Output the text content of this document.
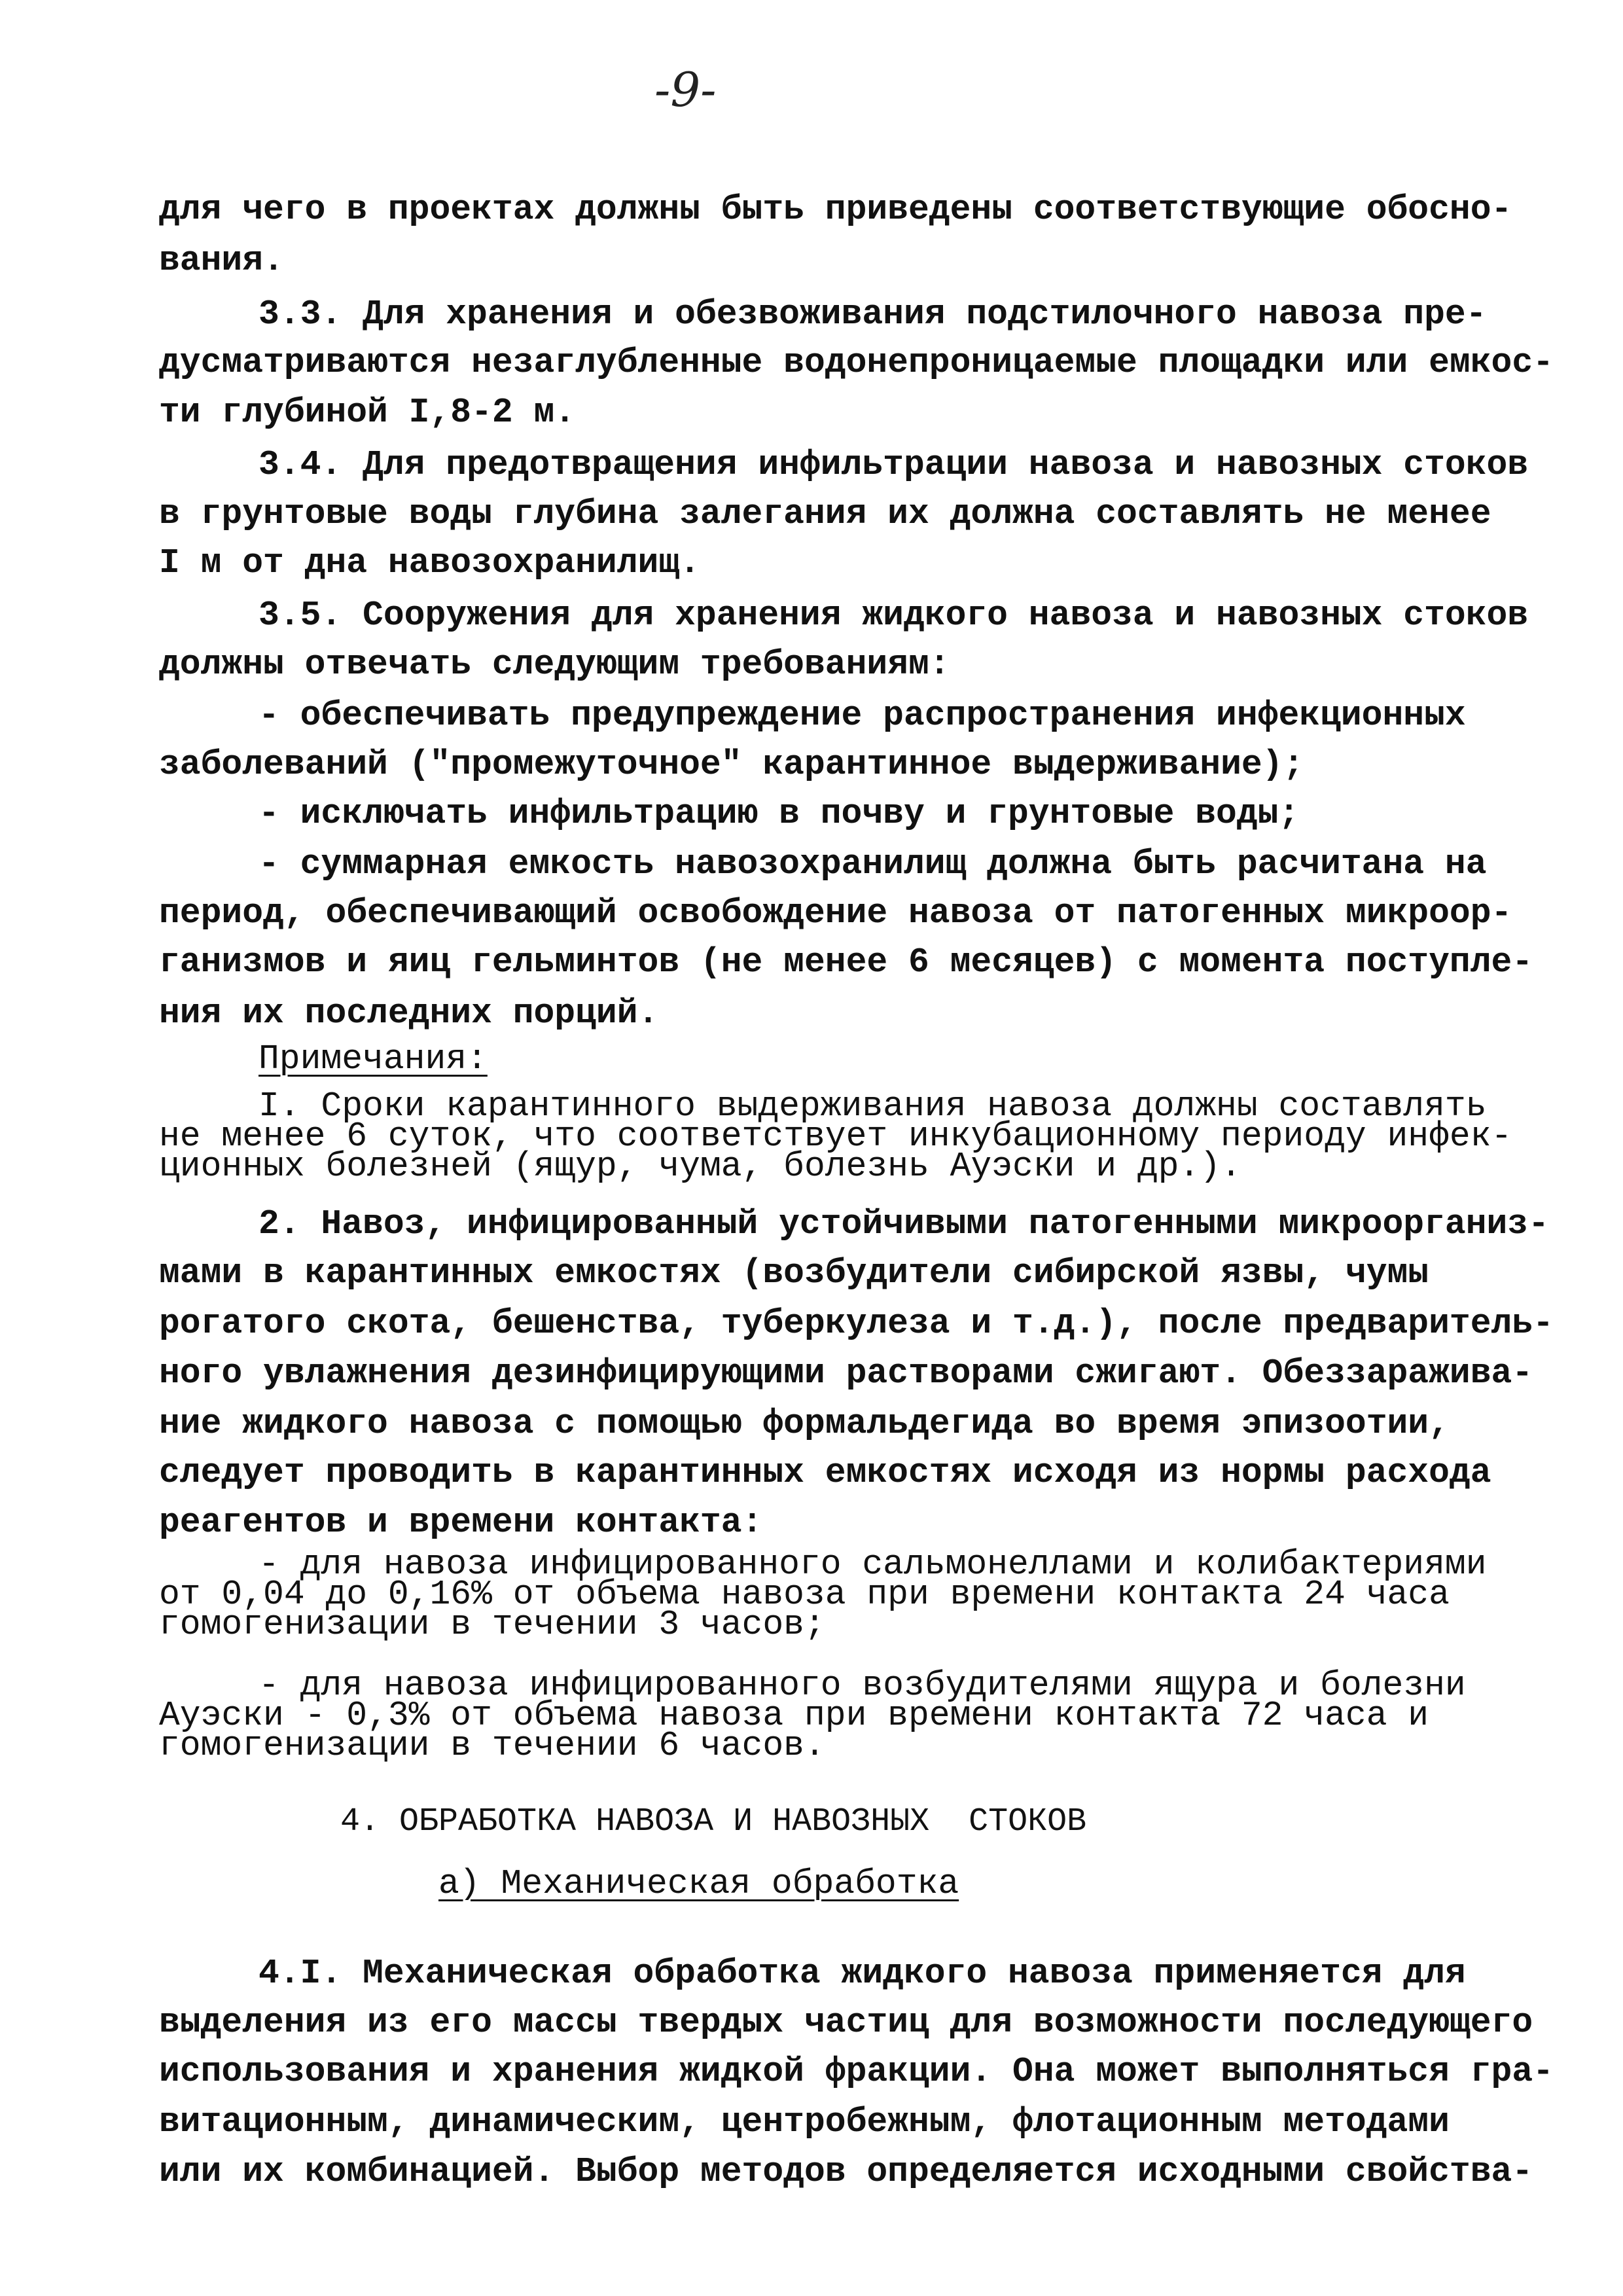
-9-
для чего в проектах должны быть приведены соответствующие обосно-
вания.
3.3. Для хранения и обезвоживания подстилочного навоза пре-
дусматриваются незаглубленные водонепроницаемые площадки или емкос-
ти глубиной I,8-2 м.
3.4. Для предотвращения инфильтрации навоза и навозных стоков
в грунтовые воды глубина залегания их должна составлять не менее
I м от дна навозохранилищ.
3.5. Сооружения для хранения жидкого навоза и навозных стоков
должны отвечать следующим требованиям:
- обеспечивать предупреждение распространения инфекционных
заболеваний ("промежуточное" карантинное выдерживание);
- исключать инфильтрацию в почву и грунтовые воды;
- суммарная емкость навозохранилищ должна быть расчитана на
период, обеспечивающий освобождение навоза от патогенных микроор-
ганизмов и яиц гельминтов (не менее 6 месяцев) с момента поступле-
ния их последних порций.
Примечания:
I. Сроки карантинного выдерживания навоза должны составлять
не менее 6 суток, что соответствует инкубационному периоду инфек-
ционных болезней (ящур, чума, болезнь Ауэски и др.).
2. Навоз, инфицированный устойчивыми патогенными микроорганиз-
мами в карантинных емкостях (возбудители сибирской язвы, чумы
рогатого скота, бешенства, туберкулеза и т.д.), после предваритель-
ного увлажнения дезинфицирующими растворами сжигают. Обеззаражива-
ние жидкого навоза с помощью формальдегида во время эпизоотии,
следует проводить в карантинных емкостях исходя из нормы расхода
реагентов и времени контакта:
- для навоза инфицированного сальмонеллами и колибактериями
от 0,04 до 0,16% от объема навоза при времени контакта 24 часа
гомогенизации в течении 3 часов;
- для навоза инфицированного возбудителями ящура и болезни
Ауэски - 0,3% от объема навоза при времени контакта 72 часа и
гомогенизации в течении 6 часов.
4. ОБРАБОТКА НАВОЗА И НАВОЗНЫХ  СТОКОВ
а) Механическая обработка
4.I. Механическая обработка жидкого навоза применяется для
выделения из его массы твердых частиц для возможности последующего
использования и хранения жидкой фракции. Она может выполняться гра-
витационным, динамическим, центробежным, флотационным методами
или их комбинацией. Выбор методов определяется исходными свойства-
